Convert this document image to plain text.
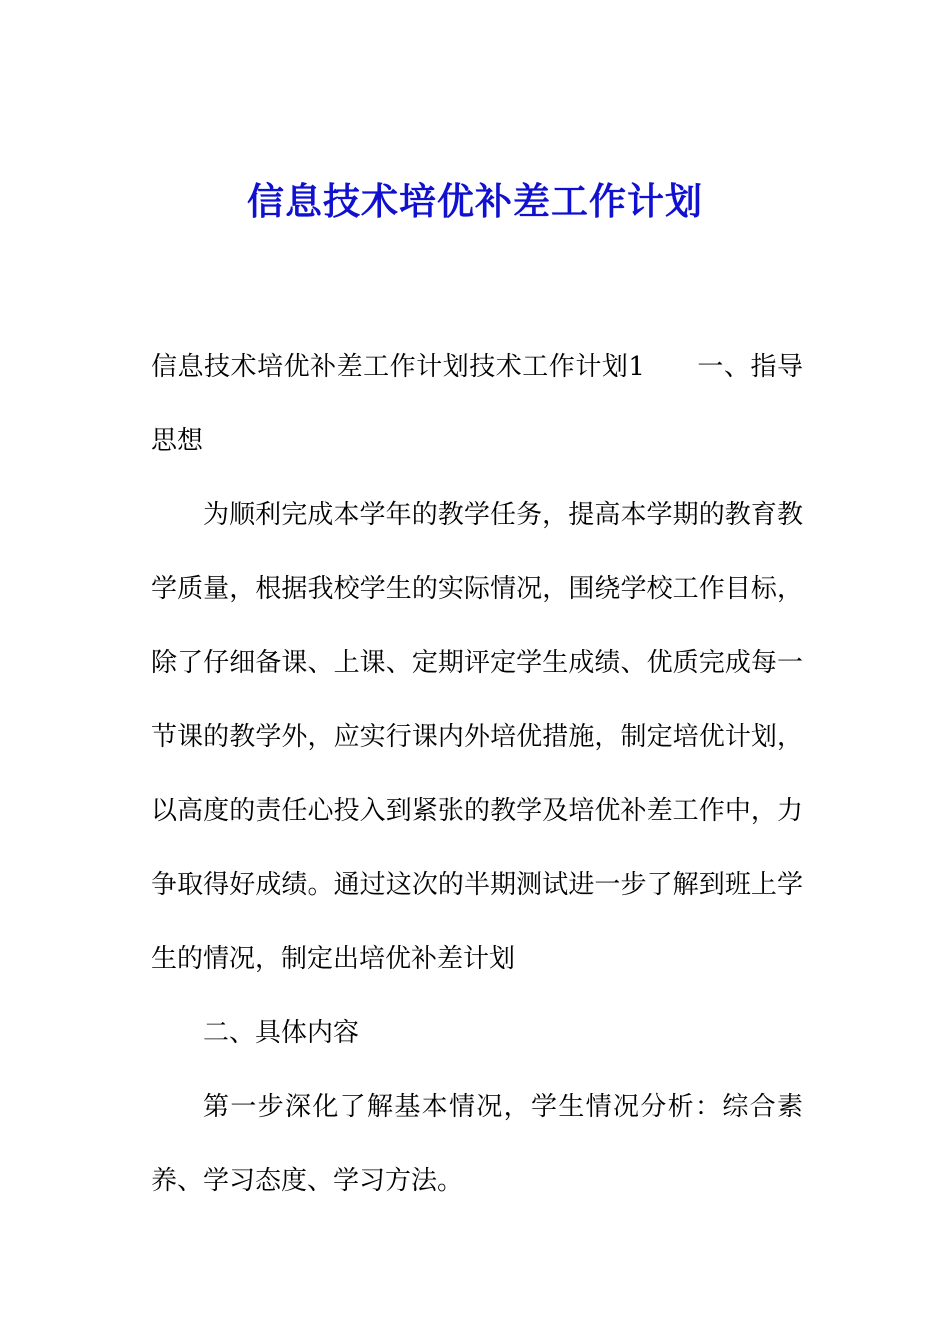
信息技术培优补差工作计划

信息技术培优补差工作计划技术工作计划1 一、指导思想

为顺利完成本学年的教学任务，提高本学期的教育教学质量，根据我校学生的实际情况，围绕学校工作目标，除了仔细备课、上课、定期评定学生成绩、优质完成每一节课的教学外，应实行课内外培优措施，制定培优计划，以高度的责任心投入到紧张的教学及培优补差工作中，力争取得好成绩。通过这次的半期测试进一步了解到班上学生的情况，制定出培优补差计划

二、具体内容

第一步深化了解基本情况，学生情况分析：综合素养、学习态度、学习方法。
